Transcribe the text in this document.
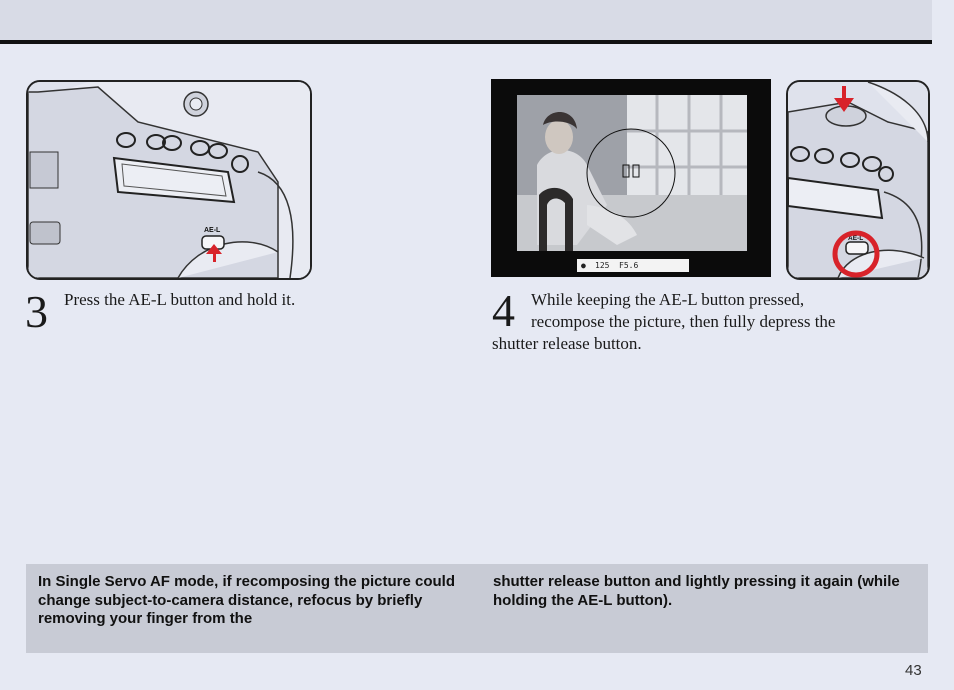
AE-L
● 125 F5.6
AE-L
3 Press the AE-L button and hold it.	4 While keeping the AE-L button pressed,
recompose the picture, then fully depress the
shutter release button.
In Single Servo AF mode, if recomposing the picture could change subject-to-camera distance, refocus by briefly removing your finger from the
shutter release button and lightly pressing it again (while holding the AE-L button).
43
